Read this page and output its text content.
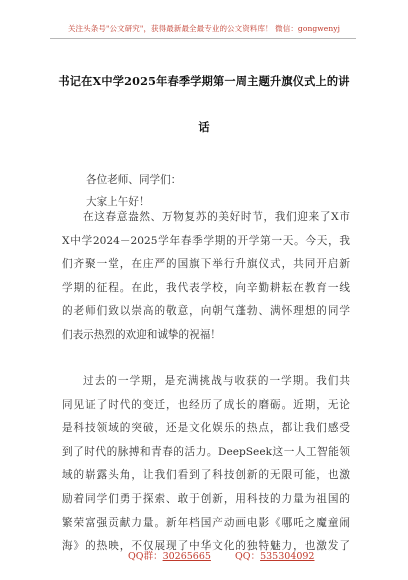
关注头条号"公文研究"，获得最新最全最专业的公文资料库！ 微信：gongwenyj
书记在X中学2025年春季学期第一周主题升旗仪式上的讲
话
各位老师、同学们：
大家上午好！
在这春意盎然、万物复苏的美好时节，我们迎来了X市
X中学2024－2025学年春季学期的开学第一天。今天，我
们齐聚一堂，在庄严的国旗下举行升旗仪式，共同开启新
学期的征程。在此，我代表学校，向辛勤耕耘在教育一线
的老师们致以崇高的敬意，向朝气蓬勃、满怀理想的同学
们表示热烈的欢迎和诚挚的祝福！
过去的一学期，是充满挑战与收获的一学期。我们共
同见证了时代的变迁，也经历了成长的磨砺。近期，无论
是科技领域的突破，还是文化娱乐的热点，都让我们感受
到了时代的脉搏和青春的活力。DeepSeek这一人工智能领
域的崭露头角，让我们看到了科技创新的无限可能，也激
励着同学们勇于探索、敢于创新，用科技的力量为祖国的
繁荣富强贡献力量。新年档国产动画电影《哪吒之魔童闹
海》的热映，不仅展现了中华文化的独特魅力，也激发了
QQ群：30265665	QQ：535304092
